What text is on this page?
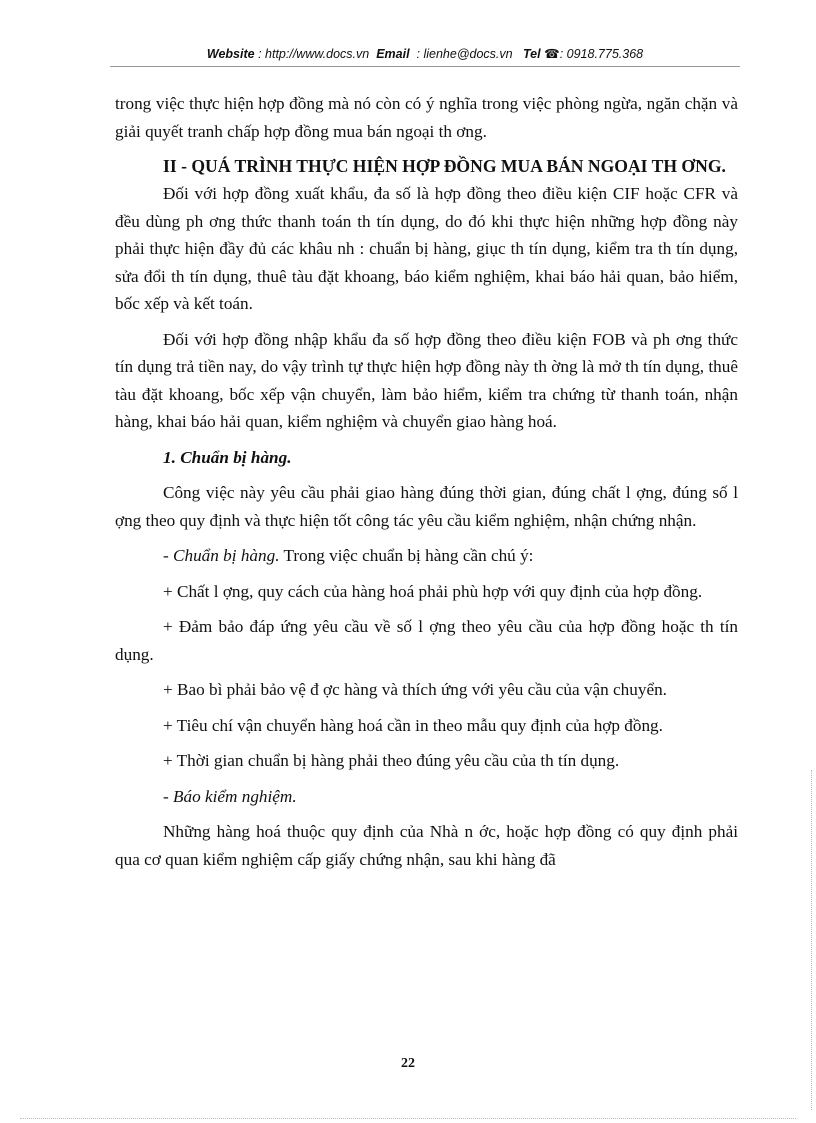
Website : http://www.docs.vn Email : lienhe@docs.vn Tel ☎: 0918.775.368

trong việc thực hiện hợp đồng mà nó còn có ý nghĩa trong việc phòng ngừa, ngăn chặn và giải quyết tranh chấp hợp đồng mua bán ngoại th ơng.

II - QUÁ TRÌNH THỰC HIỆN HỢP ĐỒNG MUA BÁN NGOẠI TH ƠNG.

Đối với hợp đồng xuất khẩu, đa số là hợp đồng theo điều kiện CIF hoặc CFR và đều dùng ph ơng thức thanh toán th tín dụng, do đó khi thực hiện những hợp đồng này phải thực hiện đầy đủ các khâu nh : chuẩn bị hàng, giục th tín dụng, kiểm tra th tín dụng, sửa đổi th tín dụng, thuê tàu đặt khoang, báo kiểm nghiệm, khai báo hải quan, bảo hiểm, bốc xếp và kết toán.

Đối với hợp đồng nhập khẩu đa số hợp đồng theo điều kiện FOB và ph ơng thức tín dụng trả tiền nay, do vậy trình tự thực hiện hợp đồng này th ờng là mở th tín dụng, thuê tàu đặt khoang, bốc xếp vận chuyển, làm bảo hiểm, kiểm tra chứng từ thanh toán, nhận hàng, khai báo hải quan, kiểm nghiệm và chuyển giao hàng hoá.

1. Chuẩn bị hàng.

Công việc này yêu cầu phải giao hàng đúng thời gian, đúng chất l ợng, đúng số l ợng theo quy định và thực hiện tốt công tác yêu cầu kiểm nghiệm, nhận chứng nhận.

- Chuẩn bị hàng. Trong việc chuẩn bị hàng cần chú ý:

+ Chất l ợng, quy cách của hàng hoá phải phù hợp với quy định của hợp đồng.

+ Đảm bảo đáp ứng yêu cầu về số l ợng theo yêu cầu của hợp đồng hoặc th tín dụng.

+ Bao bì phải bảo vệ đ ợc hàng và thích ứng với yêu cầu của vận chuyển.

+ Tiêu chí vận chuyển hàng hoá cần in theo mẫu quy định của hợp đồng.

+ Thời gian chuẩn bị hàng phải theo đúng yêu cầu của th tín dụng.

- Báo kiểm nghiệm.

Những hàng hoá thuộc quy định của Nhà n ớc, hoặc hợp đồng có quy định phải qua cơ quan kiểm nghiệm cấp giấy chứng nhận, sau khi hàng đã

22
